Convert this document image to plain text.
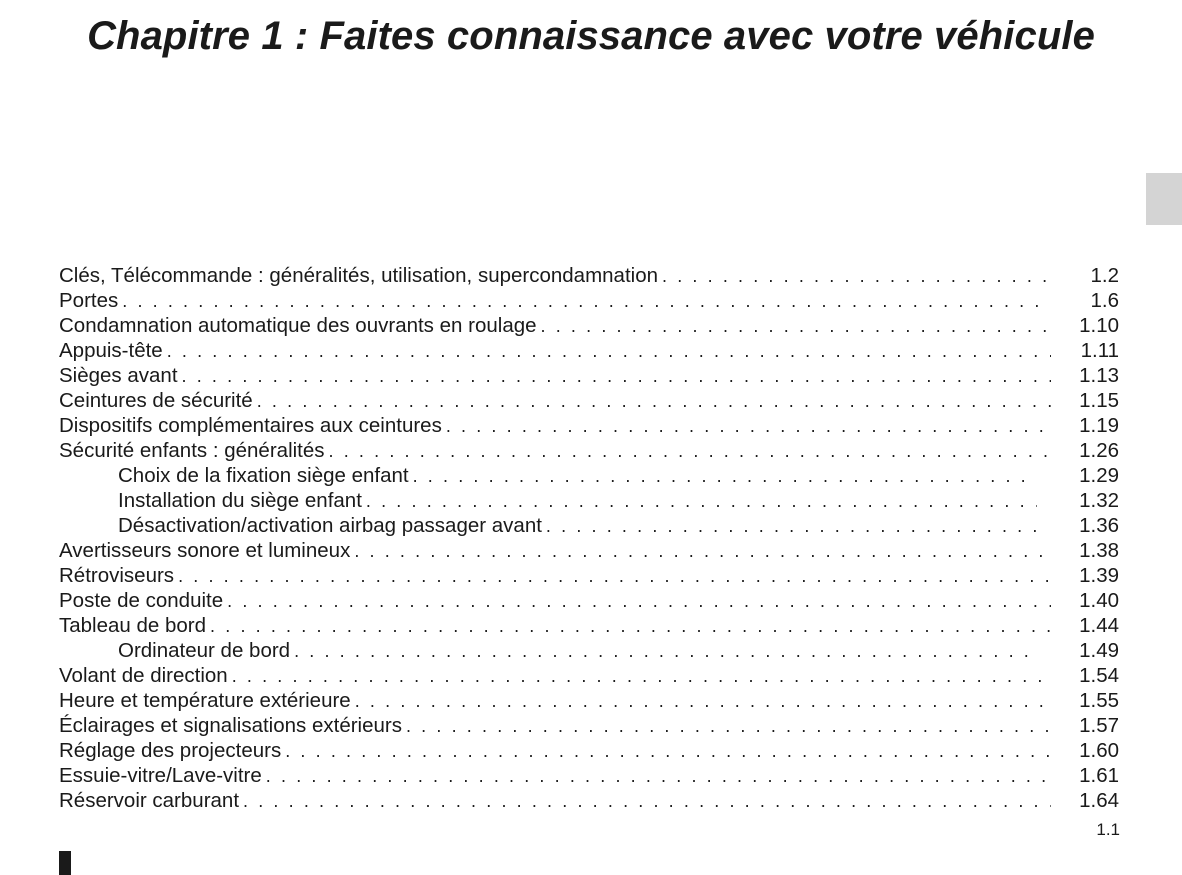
Chapitre 1 : Faites connaissance avec votre véhicule
Clés, Télécommande : généralités, utilisation, supercondamnation . . .	1.2
Portes . . .	1.6
Condamnation automatique des ouvrants en roulage . . .	1.10
Appuis-tête . . .	1.11
Sièges avant . . .	1.13
Ceintures de sécurité . . .	1.15
Dispositifs complémentaires aux ceintures . . .	1.19
Sécurité enfants : généralités . . .	1.26
Choix de la fixation siège enfant . . .	1.29
Installation du siège enfant . . .	1.32
Désactivation/activation airbag passager avant . . .	1.36
Avertisseurs sonore et lumineux . . .	1.38
Rétroviseurs . . .	1.39
Poste de conduite . . .	1.40
Tableau de bord . . .	1.44
Ordinateur de bord . . .	1.49
Volant de direction . . .	1.54
Heure et température extérieure . . .	1.55
Éclairages et signalisations extérieurs . . .	1.57
Réglage des projecteurs . . .	1.60
Essuie-vitre/Lave-vitre . . .	1.61
Réservoir carburant . . .	1.64
1.1
